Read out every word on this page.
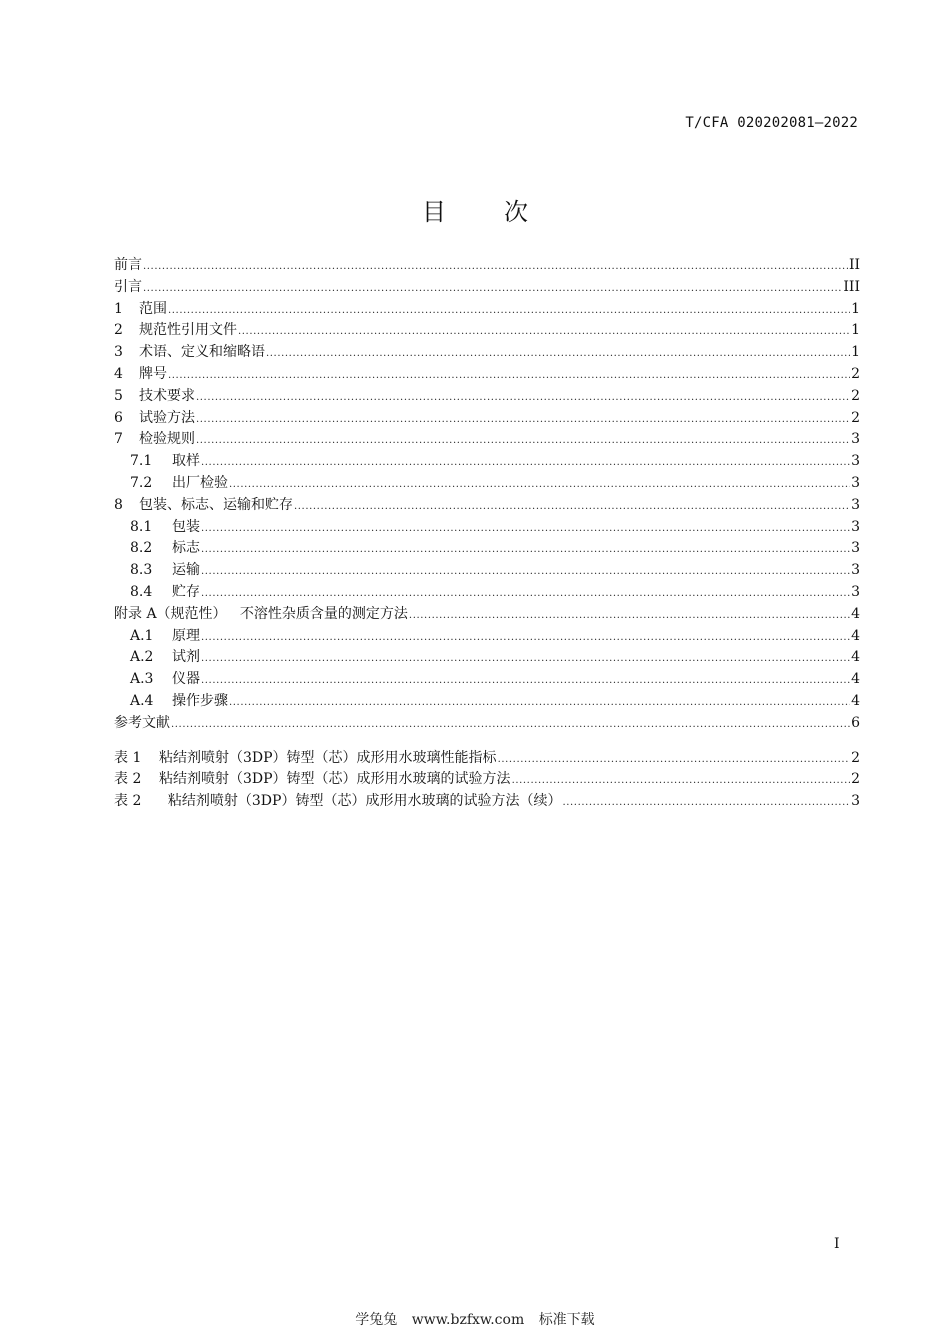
T/CFA 020202081—2022
目次
前言 .....	II
引言 .....	III
1	范围 .....	1
2	规范性引用文件 .....	1
3	术语、定义和缩略语 .....	1
4	牌号 .....	2
5	技术要求 .....	2
6	试验方法 .....	2
7	检验规则 .....	3
7.1	取样 .....	3
7.2	出厂检验 .....	3
8	包装、标志、运输和贮存 .....	3
8.1	包装 .....	3
8.2	标志 .....	3
8.3	运输 .....	3
8.4	贮存 .....	3
附录 A（规范性）   不溶性杂质含量的测定方法 .....	4
A.1	原理 .....	4
A.2	试剂 .....	4
A.3	仪器 .....	4
A.4	操作步骤 .....	4
参考文献 .....	6
表 1	粘结剂喷射（3DP）铸型（芯）成形用水玻璃性能指标 .....	2
表 2	粘结剂喷射（3DP）铸型（芯）成形用水玻璃的试验方法 .....	2
表 2	粘结剂喷射（3DP）铸型（芯）成形用水玻璃的试验方法（续） .....	3
I
学兔兔 www.bzfxw.com 标准下载
